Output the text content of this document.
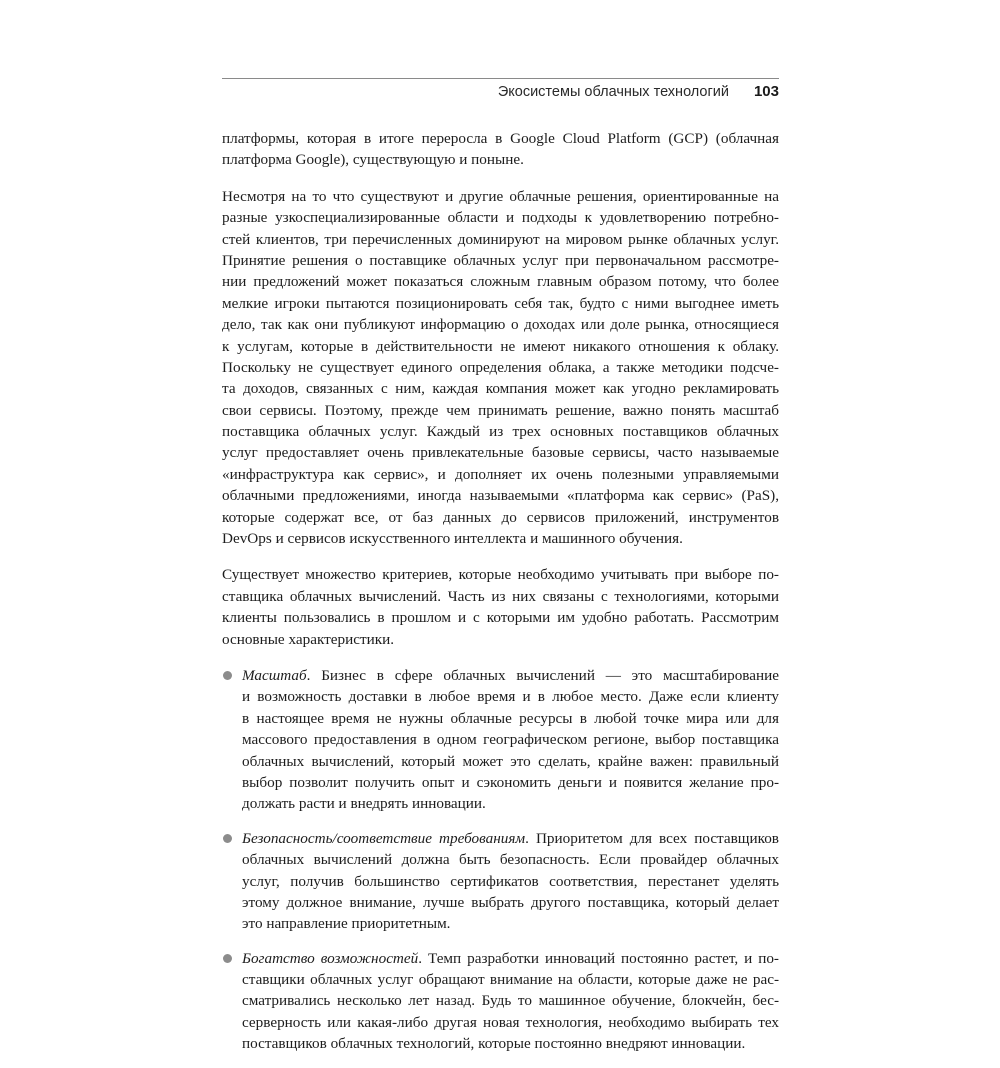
Экосистемы облачных технологий 103
платформы, которая в итоге переросла в Google Cloud Platform (GCP) (облачная
платформа Google), существующую и поныне.
Несмотря на то что существуют и другие облачные решения, ориентированные на
разные узкоспециализированные области и подходы к удовлетворению потребно-
стей клиентов, три перечисленных доминируют на мировом рынке облачных услуг.
Принятие решения о поставщике облачных услуг при первоначальном рассмотре-
нии предложений может показаться сложным главным образом потому, что более
мелкие игроки пытаются позиционировать себя так, будто с ними выгоднее иметь
дело, так как они публикуют информацию о доходах или доле рынка, относящиеся
к услугам, которые в действительности не имеют никакого отношения к облаку.
Поскольку не существует единого определения облака, а также методики подсче-
та доходов, связанных с ним, каждая компания может как угодно рекламировать
свои сервисы. Поэтому, прежде чем принимать решение, важно понять масштаб
поставщика облачных услуг. Каждый из трех основных поставщиков облачных
услуг предоставляет очень привлекательные базовые сервисы, часто называемые
«инфраструктура как сервис», и дополняет их очень полезными управляемыми
облачными предложениями, иногда называемыми «платформа как сервис» (PaS),
которые содержат все, от баз данных до сервисов приложений, инструментов
DevOps и сервисов искусственного интеллекта и машинного обучения.
Существует множество критериев, которые необходимо учитывать при выборе по-
ставщика облачных вычислений. Часть из них связаны с технологиями, которыми
клиенты пользовались в прошлом и с которыми им удобно работать. Рассмотрим
основные характеристики.
Масштаб. Бизнес в сфере облачных вычислений — это масштабирование
и возможность доставки в любое время и в любое место. Даже если клиенту
в настоящее время не нужны облачные ресурсы в любой точке мира или для
массового предоставления в одном географическом регионе, выбор поставщика
облачных вычислений, который может это сделать, крайне важен: правильный
выбор позволит получить опыт и сэкономить деньги и появится желание про-
должать расти и внедрять инновации.
Безопасность/соответствие требованиям. Приоритетом для всех поставщиков
облачных вычислений должна быть безопасность. Если провайдер облачных
услуг, получив большинство сертификатов соответствия, перестанет уделять
этому должное внимание, лучше выбрать другого поставщика, который делает
это направление приоритетным.
Богатство возможностей. Темп разработки инноваций постоянно растет, и по-
ставщики облачных услуг обращают внимание на области, которые даже не рас-
сматривались несколько лет назад. Будь то машинное обучение, блокчейн, бес-
серверность или какая-либо другая новая технология, необходимо выбирать тех
поставщиков облачных технологий, которые постоянно внедряют инновации.
